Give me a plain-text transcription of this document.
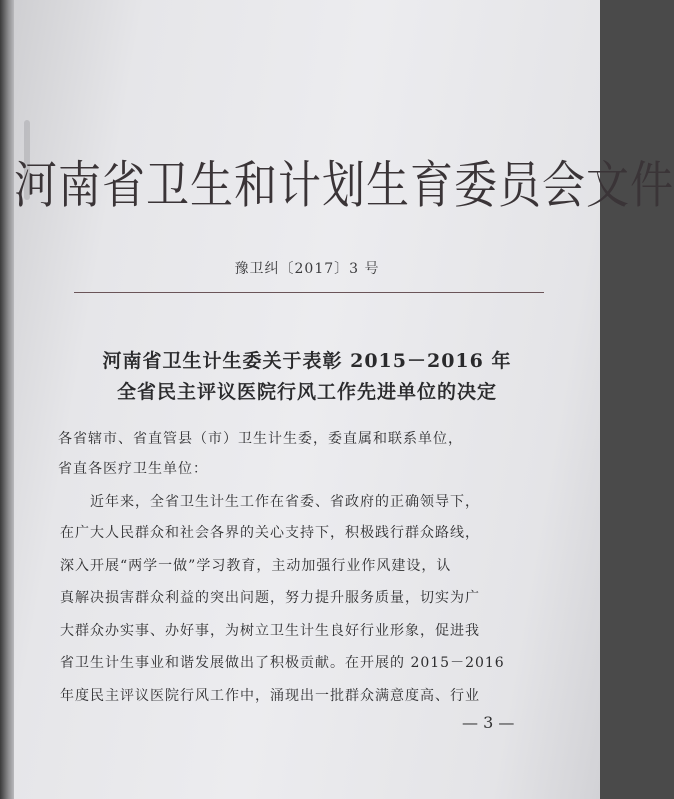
河南省卫生和计划生育委员会文件
豫卫纠〔2017〕3 号
河南省卫生计生委关于表彰 2015－2016 年
全省民主评议医院行风工作先进单位的决定
各省辖市、省直管县（市）卫生计生委，委直属和联系单位，
省直各医疗卫生单位：
近年来，全省卫生计生工作在省委、省政府的正确领导下，
在广大人民群众和社会各界的关心支持下，积极践行群众路线，
深入开展“两学一做”学习教育，主动加强行业作风建设，认
真解决损害群众利益的突出问题，努力提升服务质量，切实为广
大群众办实事、办好事，为树立卫生计生良好行业形象，促进我
省卫生计生事业和谐发展做出了积极贡献。在开展的 2015－2016
年度民主评议医院行风工作中，涌现出一批群众满意度高、行业
— 3 —
